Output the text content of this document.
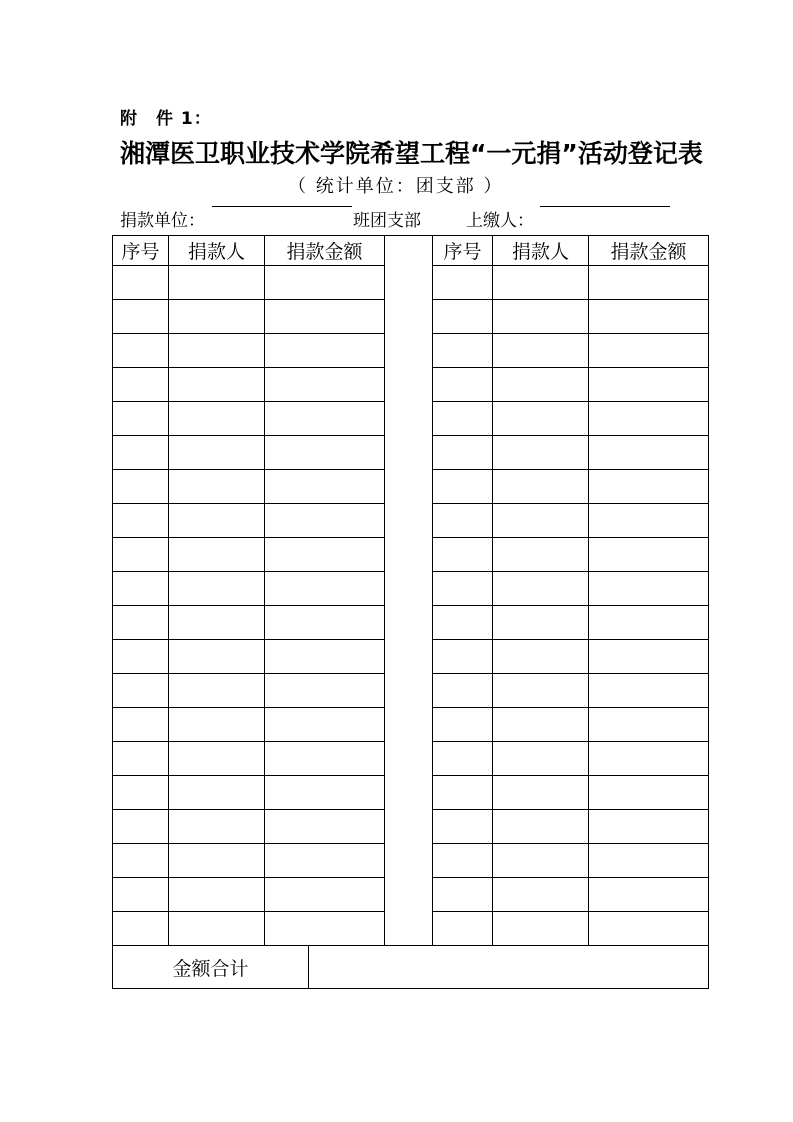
附　件 1：
湘潭医卫职业技术学院希望工程“一元捐”活动登记表
（ 统计单位：团支部 ）
捐款单位：	班团支部	上缴人：
序号	捐款人	捐款金额			序号	捐款人	捐款金额

金额合计							
